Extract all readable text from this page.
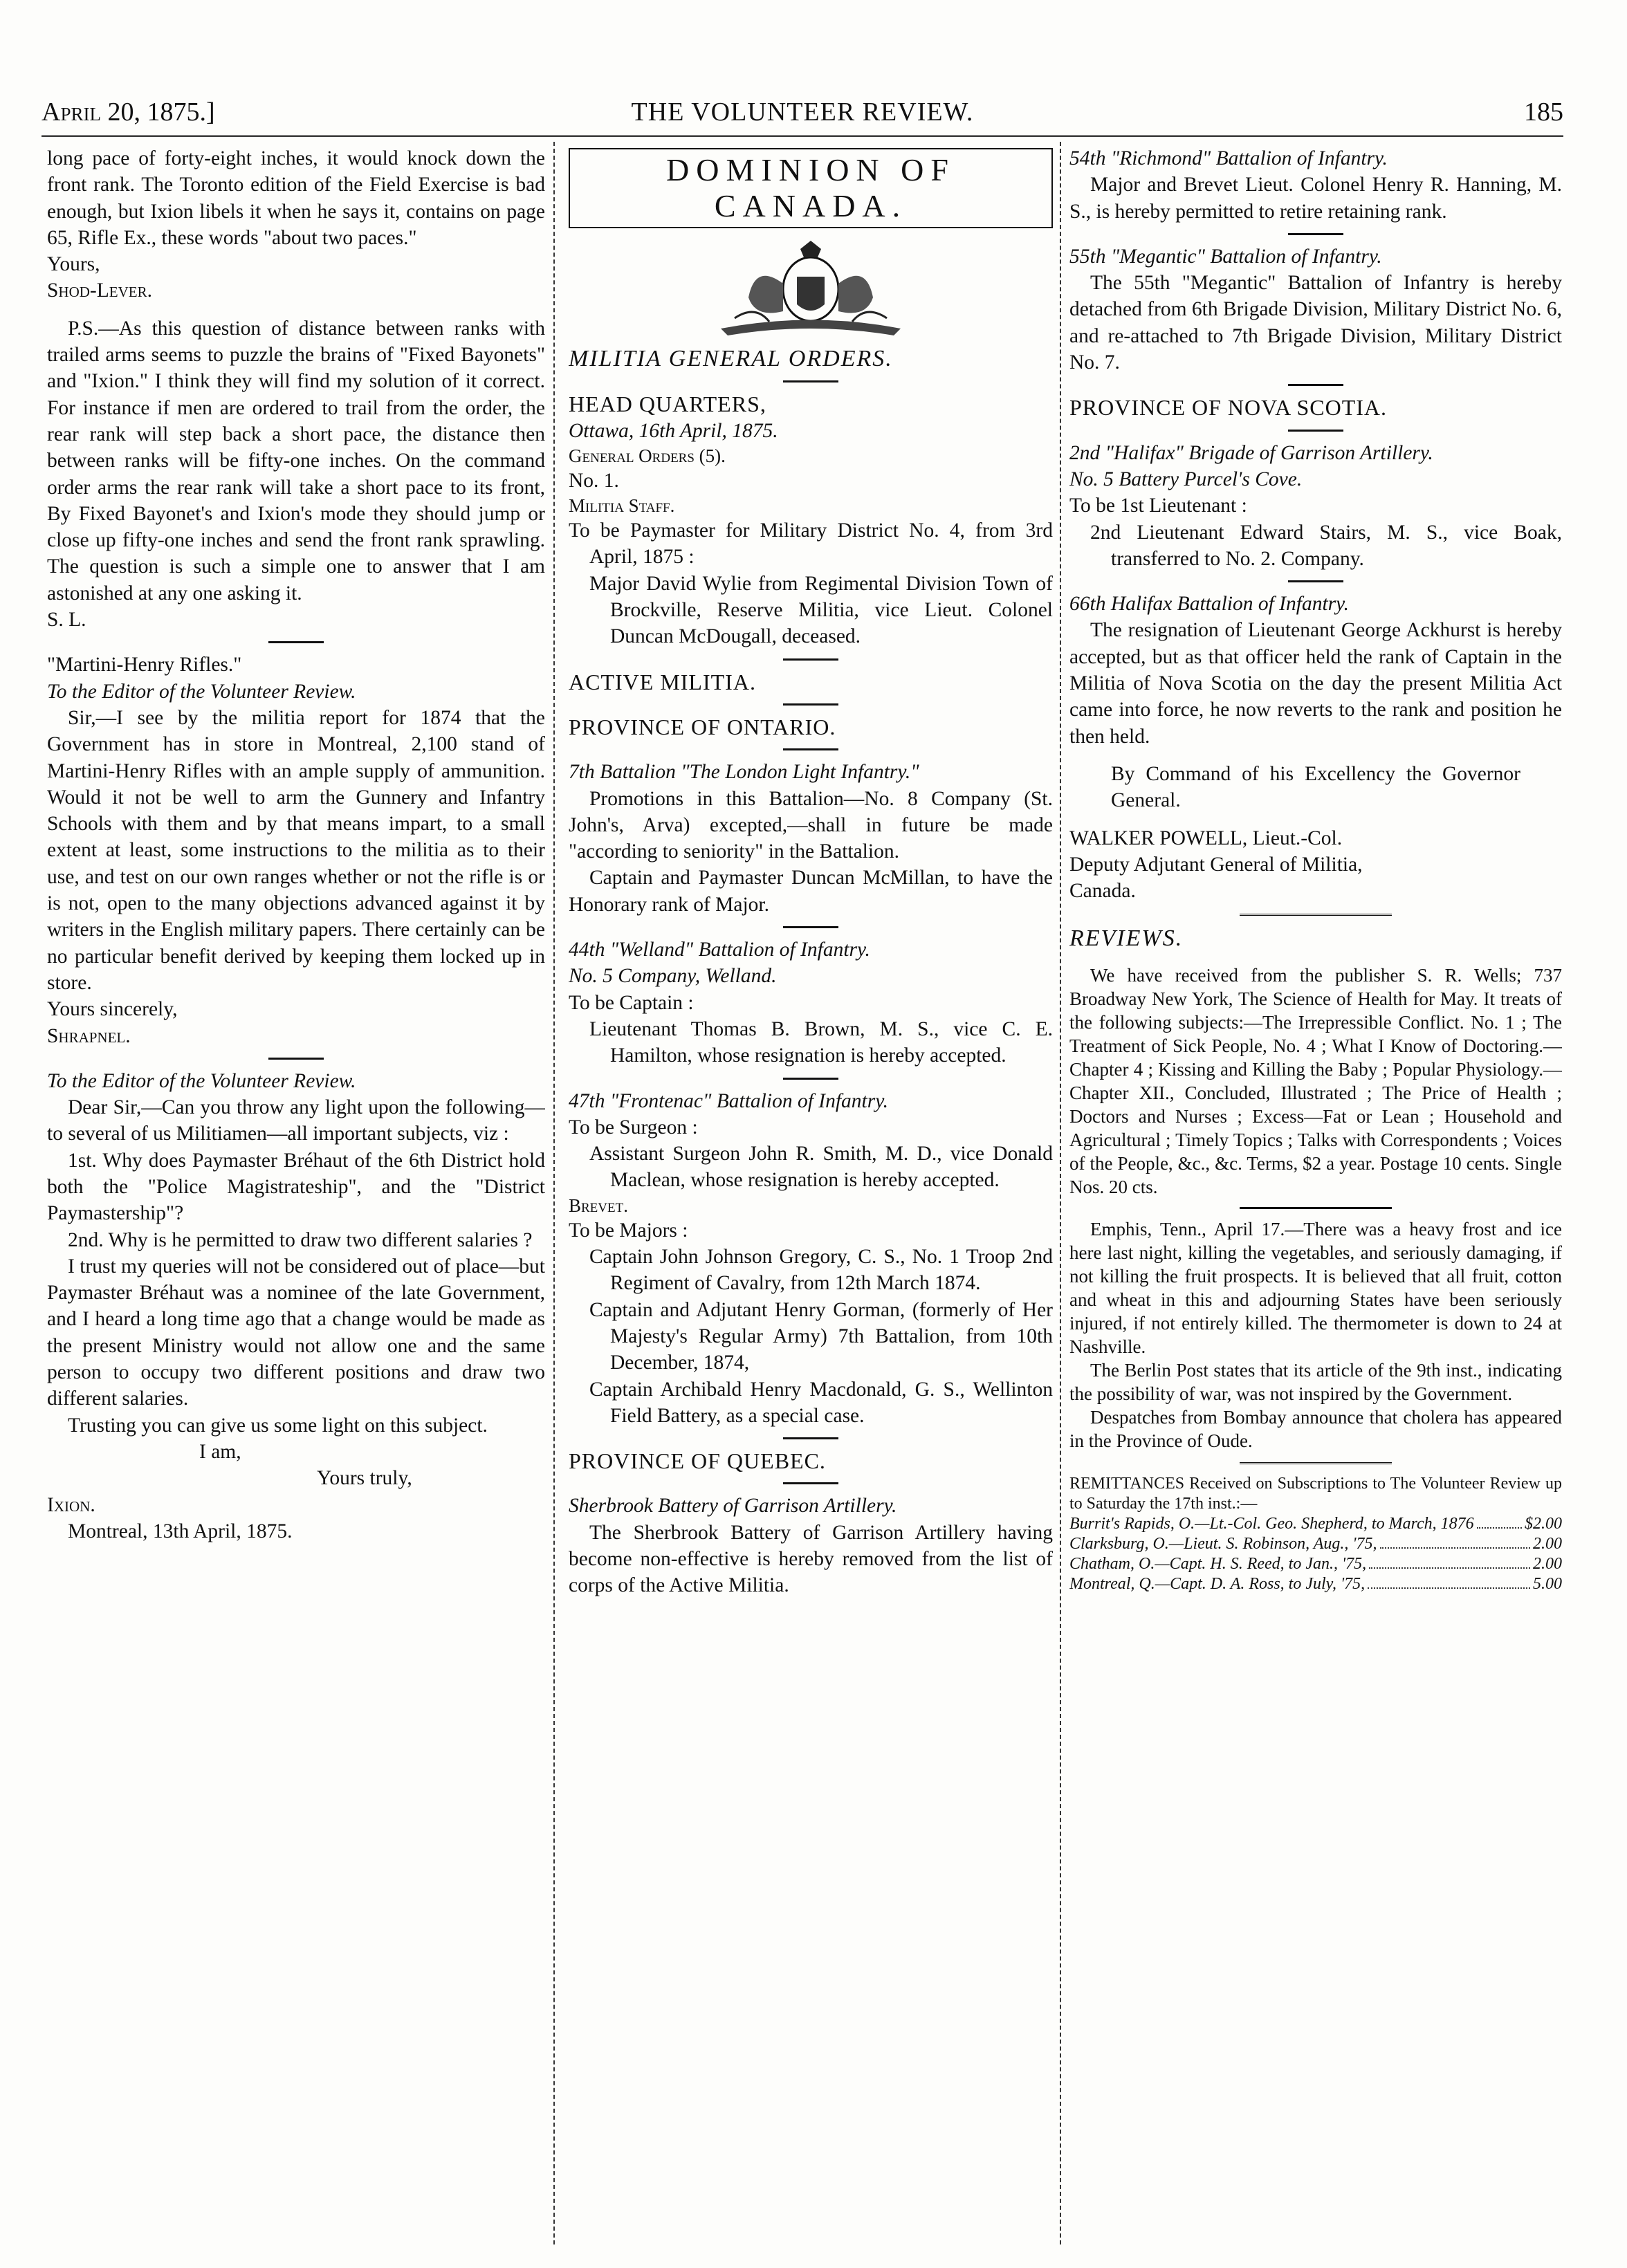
April 20, 1875.]	THE VOLUNTEER REVIEW.	185

long pace of forty-eight inches, it would knock down the front rank. The Toronto edition of the Field Exercise is bad enough, but Ixion libels it when he says it, contains on page 65, Rifle Ex., these words "about two paces."

Yours,

Shod-Lever.

P.S.—As this question of distance between ranks with trailed arms seems to puzzle the brains of "Fixed Bayonets" and "Ixion." I think they will find my solution of it correct. For instance if men are ordered to trail from the order, the rear rank will step back a short pace, the distance then between ranks will be fifty-one inches. On the command order arms the rear rank will take a short pace to its front, By Fixed Bayonet's and Ixion's mode they should jump or close up fifty-one inches and send the front rank sprawling. The question is such a simple one to answer that I am astonished at any one asking it.

S. L.

"Martini-Henry Rifles."

To the Editor of the Volunteer Review.

Sir,—I see by the militia report for 1874 that the Government has in store in Montreal, 2,100 stand of Martini-Henry Rifles with an ample supply of ammunition. Would it not be well to arm the Gunnery and Infantry Schools with them and by that means impart, to a small extent at least, some instructions to the militia as to their use, and test on our own ranges whether or not the rifle is or is not, open to the many objections advanced against it by writers in the English military papers. There certainly can be no particular benefit derived by keeping them locked up in store.

Yours sincerely,

Shrapnel.

To the Editor of the Volunteer Review.

Dear Sir,—Can you throw any light upon the following—to several of us Militiamen—all important subjects, viz :

1st. Why does Paymaster Bréhaut of the 6th District hold both the "Police Magistrateship", and the "District Paymastership"?

2nd. Why is he permitted to draw two different salaries ?

I trust my queries will not be considered out of place—but Paymaster Bréhaut was a nominee of the late Government, and I heard a long time ago that a change would be made as the present Ministry would not allow one and the same person to occupy two different positions and draw two different salaries.

Trusting you can give us some light on this subject.

I am,

Yours truly,

Ixion.

Montreal, 13th April, 1875.

DOMINION OF CANADA.

MILITIA GENERAL ORDERS.

HEAD QUARTERS,

Ottawa, 16th April, 1875.

General Orders (5).

No. 1.

Militia Staff.

To be Paymaster for Military District No. 4, from 3rd April, 1875 :

Major David Wylie from Regimental Division Town of Brockville, Reserve Militia, vice Lieut. Colonel Duncan McDougall, deceased.

ACTIVE MILITIA.

PROVINCE OF ONTARIO.

7th Battalion "The London Light Infantry."

Promotions in this Battalion—No. 8 Company (St. John's, Arva) excepted,—shall in future be made "according to seniority" in the Battalion.

Captain and Paymaster Duncan McMillan, to have the Honorary rank of Major.

44th "Welland" Battalion of Infantry.

No. 5 Company, Welland.

To be Captain :

Lieutenant Thomas B. Brown, M. S., vice C. E. Hamilton, whose resignation is hereby accepted.

47th "Frontenac" Battalion of Infantry.

To be Surgeon :

Assistant Surgeon John R. Smith, M. D., vice Donald Maclean, whose resignation is hereby accepted.

Brevet.

To be Majors :

Captain John Johnson Gregory, C. S., No. 1 Troop 2nd Regiment of Cavalry, from 12th March 1874.

Captain and Adjutant Henry Gorman, (formerly of Her Majesty's Regular Army) 7th Battalion, from 10th December, 1874,

Captain Archibald Henry Macdonald, G. S., Wellinton Field Battery, as a special case.

PROVINCE OF QUEBEC.

Sherbrook Battery of Garrison Artillery.

The Sherbrook Battery of Garrison Artillery having become non-effective is hereby removed from the list of corps of the Active Militia.

54th "Richmond" Battalion of Infantry.

Major and Brevet Lieut. Colonel Henry R. Hanning, M. S., is hereby permitted to retire retaining rank.

55th "Megantic" Battalion of Infantry.

The 55th "Megantic" Battalion of Infantry is hereby detached from 6th Brigade Division, Military District No. 6, and re-attached to 7th Brigade Division, Military District No. 7.

PROVINCE OF NOVA SCOTIA.

2nd "Halifax" Brigade of Garrison Artillery.

No. 5 Battery Purcel's Cove.

To be 1st Lieutenant :

2nd Lieutenant Edward Stairs, M. S., vice Boak, transferred to No. 2. Company.

66th Halifax Battalion of Infantry.

The resignation of Lieutenant George Ackhurst is hereby accepted, but as that officer held the rank of Captain in the Militia of Nova Scotia on the day the present Militia Act came into force, he now reverts to the rank and position he then held.

By Command of his Excellency the Governor General.

WALKER POWELL, Lieut.-Col.

Deputy Adjutant General of Militia,

Canada.

REVIEWS.

We have received from the publisher S. R. Wells; 737 Broadway New York, The Science of Health for May. It treats of the following subjects:—The Irrepressible Conflict. No. 1 ; The Treatment of Sick People, No. 4 ; What I Know of Doctoring.—Chapter 4 ; Kissing and Killing the Baby ; Popular Physiology.—Chapter XII., Concluded, Illustrated ; The Price of Health ; Doctors and Nurses ; Excess—Fat or Lean ; Household and Agricultural ; Timely Topics ; Talks with Correspondents ; Voices of the People, &c., &c. Terms, $2 a year. Postage 10 cents. Single Nos. 20 cts.

Emphis, Tenn., April 17.—There was a heavy frost and ice here last night, killing the vegetables, and seriously damaging, if not killing the fruit prospects. It is believed that all fruit, cotton and wheat in this and adjourning States have been seriously injured, if not entirely killed. The thermometer is down to 24 at Nashville.

The Berlin Post states that its article of the 9th inst., indicating the possibility of war, was not inspired by the Government.

Despatches from Bombay announce that cholera has appeared in the Province of Oude.

REMITTANCES Received on Subscriptions to The Volunteer Review up to Saturday the 17th inst.:—

Burrit's Rapids, O.—Lt.-Col. Geo. Shepherd, to March, 1876	$2.00
Clarksburg, O.—Lieut. S. Robinson, Aug., '75,	2.00
Chatham, O.—Capt. H. S. Reed, to Jan., '75,	2.00
Montreal, Q.—Capt. D. A. Ross, to July, '75,	5.00
